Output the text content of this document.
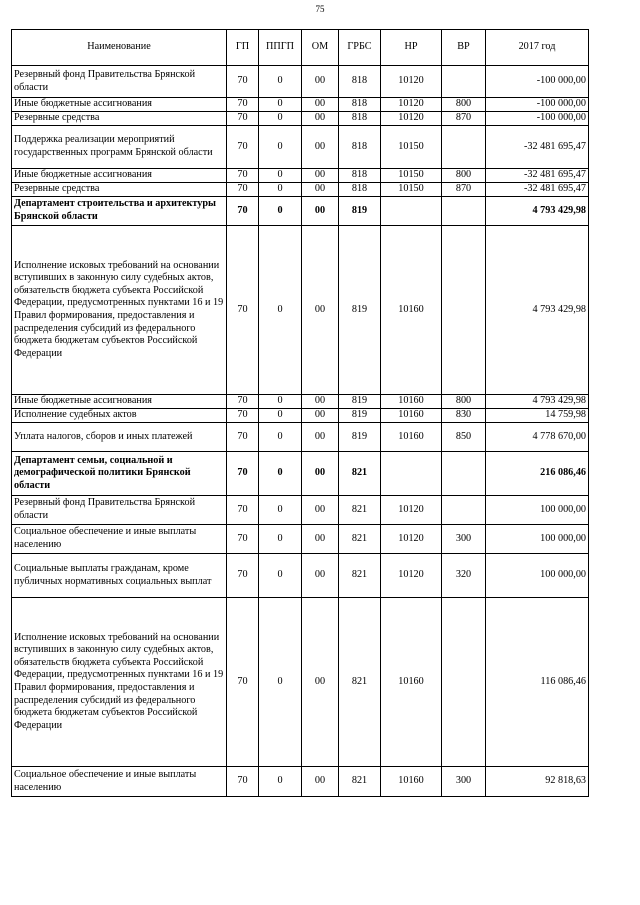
75
Наименование	ГП	ППГП	ОМ	ГРБС	НР	ВР	2017 год
Резервный фонд Правительства Брянской области	70	0	00	818	10120		-100 000,00
Иные бюджетные ассигнования	70	0	00	818	10120	800	-100 000,00
Резервные средства	70	0	00	818	10120	870	-100 000,00
Поддержка реализации мероприятий государственных программ Брянской области	70	0	00	818	10150		-32 481 695,47
Иные бюджетные ассигнования	70	0	00	818	10150	800	-32 481 695,47
Резервные средства	70	0	00	818	10150	870	-32 481 695,47
Департамент строительства и архитектуры Брянской области	70	0	00	819			4 793 429,98
Исполнение исковых требований на основании вступивших в законную силу судебных актов, обязательств бюджета субъекта Российской Федерации, предусмотренных пунктами 16 и 19 Правил формирования, предоставления и распределения субсидий из федерального бюджета бюджетам субъектов Российской Федерации	70	0	00	819	10160		4 793 429,98
Иные бюджетные ассигнования	70	0	00	819	10160	800	4 793 429,98
Исполнение судебных актов	70	0	00	819	10160	830	14 759,98
Уплата налогов, сборов и иных платежей	70	0	00	819	10160	850	4 778 670,00
Департамент семьи, социальной и демографической политики Брянской области	70	0	00	821			216 086,46
Резервный фонд Правительства Брянской области	70	0	00	821	10120		100 000,00
Социальное обеспечение и иные выплаты населению	70	0	00	821	10120	300	100 000,00
Социальные выплаты гражданам, кроме публичных нормативных социальных выплат	70	0	00	821	10120	320	100 000,00
Исполнение исковых требований на основании вступивших в законную силу судебных актов, обязательств бюджета субъекта Российской Федерации, предусмотренных пунктами 16 и 19 Правил формирования, предоставления и распределения субсидий из федерального бюджета бюджетам субъектов Российской Федерации	70	0	00	821	10160		116 086,46
Социальное обеспечение и иные выплаты населению	70	0	00	821	10160	300	92 818,63
